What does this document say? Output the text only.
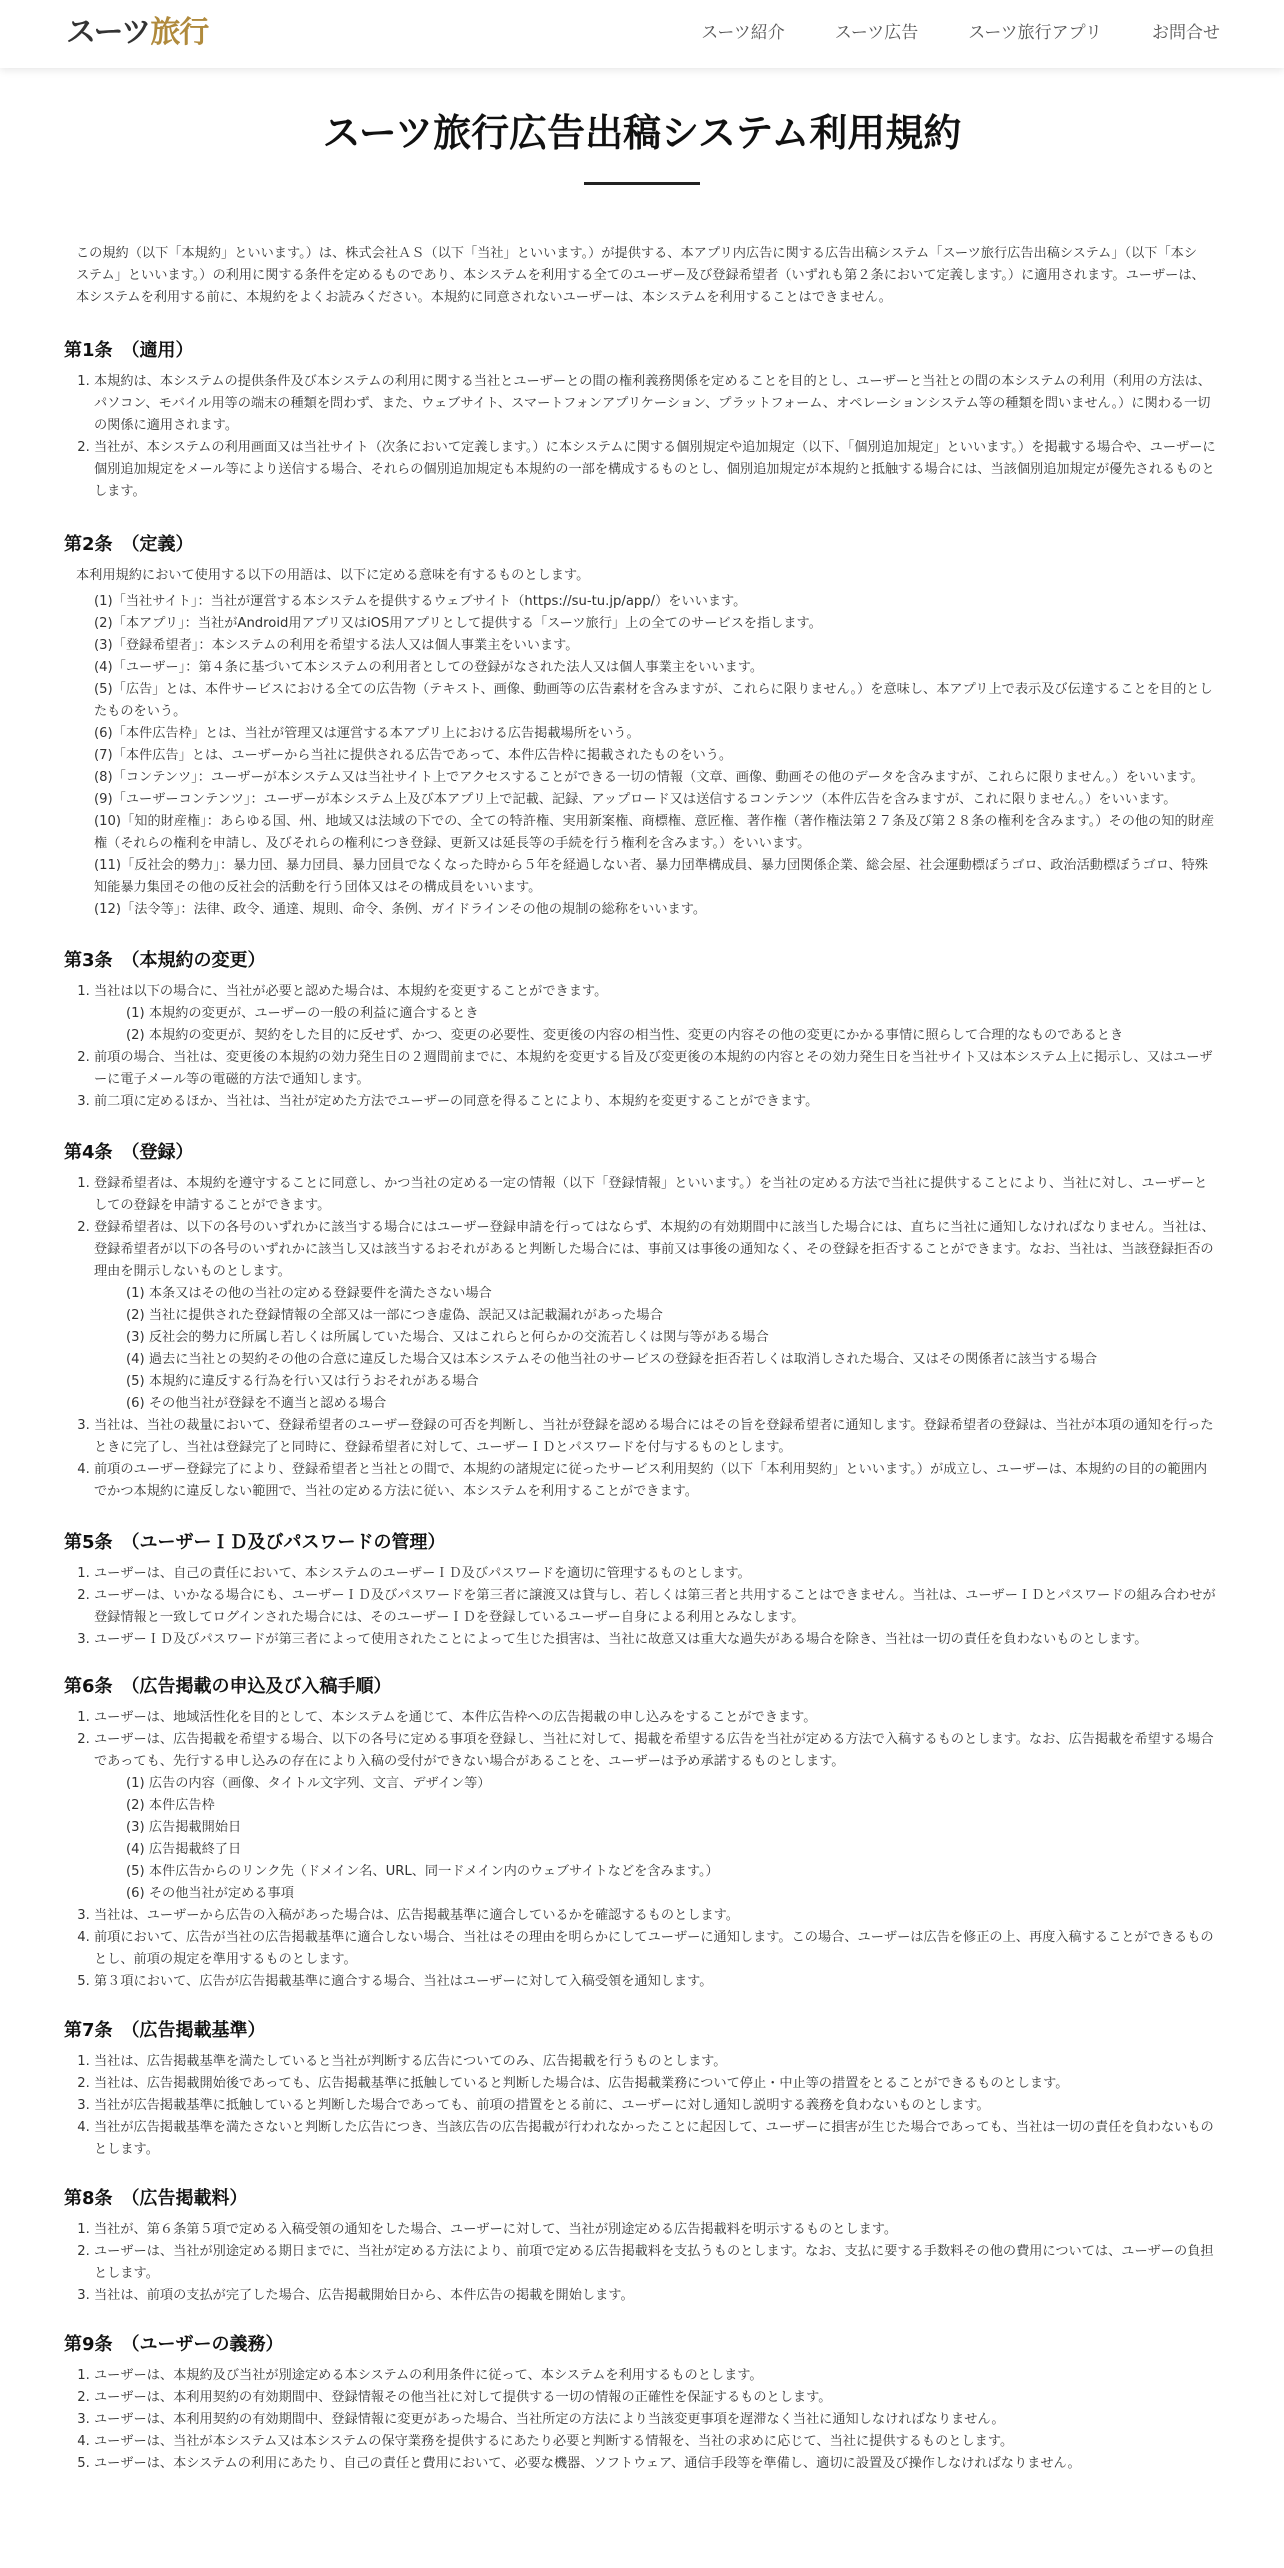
スーツ旅行	スーツ紹介	スーツ広告	スーツ旅行アプリ	お問合せ
スーツ旅行広告出稿システム利用規約

この規約（以下「本規約」といいます。）は、株式会社ＡＳ（以下「当社」といいます。）が提供する、本アプリ内広告に関する広告出稿システム「スーツ旅行広告出稿システム」（以下「本システム」といいます。）の利用に関する条件を定めるものであり、本システムを利用する全てのユーザー及び登録希望者（いずれも第２条において定義します。）に適用されます。ユーザーは、本システムを利用する前に、本規約をよくお読みください。本規約に同意されないユーザーは、本システムを利用することはできません。

第1条　（適用）
1. 本規約は、本システムの提供条件及び本システムの利用に関する当社とユーザーとの間の権利義務関係を定めることを目的とし、ユーザーと当社との間の本システムの利用（利用の方法は、パソコン、モバイル用等の端末の種類を問わず、また、ウェブサイト、スマートフォンアプリケーション、プラットフォーム、オペレーションシステム等の種類を問いません。）に関わる一切の関係に適用されます。
2. 当社が、本システムの利用画面又は当社サイト（次条において定義します。）に本システムに関する個別規定や追加規定（以下、「個別追加規定」といいます。）を掲載する場合や、ユーザーに個別追加規定をメール等により送信する場合、それらの個別追加規定も本規約の一部を構成するものとし、個別追加規定が本規約と抵触する場合には、当該個別追加規定が優先されるものとします。
第2条　（定義）

本利用規約において使用する以下の用語は、以下に定める意味を有するものとします。

(1)「当社サイト」：当社が運営する本システムを提供するウェブサイト（https://su-tu.jp/app/）をいいます。
(2)「本アプリ」：当社がAndroid用アプリ又はiOS用アプリとして提供する「スーツ旅行」上の全てのサービスを指します。
(3)「登録希望者」：本システムの利用を希望する法人又は個人事業主をいいます。
(4)「ユーザー」：第４条に基づいて本システムの利用者としての登録がなされた法人又は個人事業主をいいます。
(5)「広告」とは、本件サービスにおける全ての広告物（テキスト、画像、動画等の広告素材を含みますが、これらに限りません。）を意味し、本アプリ上で表示及び伝達することを目的としたものをいう。
(6)「本件広告枠」とは、当社が管理又は運営する本アプリ上における広告掲載場所をいう。
(7)「本件広告」とは、ユーザーから当社に提供される広告であって、本件広告枠に掲載されたものをいう。
(8)「コンテンツ」：ユーザーが本システム又は当社サイト上でアクセスすることができる一切の情報（文章、画像、動画その他のデータを含みますが、これらに限りません。）をいいます。
(9)「ユーザーコンテンツ」：ユーザーが本システム上及び本アプリ上で記載、記録、アップロード又は送信するコンテンツ（本件広告を含みますが、これに限りません。）をいいます。
(10)「知的財産権」：あらゆる国、州、地域又は法域の下での、全ての特許権、実用新案権、商標権、意匠権、著作権（著作権法第２７条及び第２８条の権利を含みます。）その他の知的財産権（それらの権利を申請し、及びそれらの権利につき登録、更新又は延長等の手続を行う権利を含みます。）をいいます。
(11)「反社会的勢力」：暴力団、暴力団員、暴力団員でなくなった時から５年を経過しない者、暴力団準構成員、暴力団関係企業、総会屋、社会運動標ぼうゴロ、政治活動標ぼうゴロ、特殊知能暴力集団その他の反社会的活動を行う団体又はその構成員をいいます。
(12)「法令等」：法律、政令、通達、規則、命令、条例、ガイドラインその他の規制の総称をいいます。
第3条　（本規約の変更）
1. 当社は以下の場合に、当社が必要と認めた場合は、本規約を変更することができます。
(1) 本規約の変更が、ユーザーの一般の利益に適合するとき
(2) 本規約の変更が、契約をした目的に反せず、かつ、変更の必要性、変更後の内容の相当性、変更の内容その他の変更にかかる事情に照らして合理的なものであるとき
2. 前項の場合、当社は、変更後の本規約の効力発生日の２週間前までに、本規約を変更する旨及び変更後の本規約の内容とその効力発生日を当社サイト又は本システム上に掲示し、又はユーザーに電子メール等の電磁的方法で通知します。
3. 前二項に定めるほか、当社は、当社が定めた方法でユーザーの同意を得ることにより、本規約を変更することができます。
第4条　（登録）
1. 登録希望者は、本規約を遵守することに同意し、かつ当社の定める一定の情報（以下「登録情報」といいます。）を当社の定める方法で当社に提供することにより、当社に対し、ユーザーとしての登録を申請することができます。
2. 登録希望者は、以下の各号のいずれかに該当する場合にはユーザー登録申請を行ってはならず、本規約の有効期間中に該当した場合には、直ちに当社に通知しなければなりません。当社は、登録希望者が以下の各号のいずれかに該当し又は該当するおそれがあると判断した場合には、事前又は事後の通知なく、その登録を拒否することができます。なお、当社は、当該登録拒否の理由を開示しないものとします。
(1) 本条又はその他の当社の定める登録要件を満たさない場合
(2) 当社に提供された登録情報の全部又は一部につき虚偽、誤記又は記載漏れがあった場合
(3) 反社会的勢力に所属し若しくは所属していた場合、又はこれらと何らかの交流若しくは関与等がある場合
(4) 過去に当社との契約その他の合意に違反した場合又は本システムその他当社のサービスの登録を拒否若しくは取消しされた場合、又はその関係者に該当する場合
(5) 本規約に違反する行為を行い又は行うおそれがある場合
(6) その他当社が登録を不適当と認める場合
3. 当社は、当社の裁量において、登録希望者のユーザー登録の可否を判断し、当社が登録を認める場合にはその旨を登録希望者に通知します。登録希望者の登録は、当社が本項の通知を行ったときに完了し、当社は登録完了と同時に、登録希望者に対して、ユーザーＩＤとパスワードを付与するものとします。
4. 前項のユーザー登録完了により、登録希望者と当社との間で、本規約の諸規定に従ったサービス利用契約（以下「本利用契約」といいます。）が成立し、ユーザーは、本規約の目的の範囲内でかつ本規約に違反しない範囲で、当社の定める方法に従い、本システムを利用することができます。
第5条　（ユーザーＩＤ及びパスワードの管理）
1. ユーザーは、自己の責任において、本システムのユーザーＩＤ及びパスワードを適切に管理するものとします。
2. ユーザーは、いかなる場合にも、ユーザーＩＤ及びパスワードを第三者に譲渡又は貸与し、若しくは第三者と共用することはできません。当社は、ユーザーＩＤとパスワードの組み合わせが登録情報と一致してログインされた場合には、そのユーザーＩＤを登録しているユーザー自身による利用とみなします。
3. ユーザーＩＤ及びパスワードが第三者によって使用されたことによって生じた損害は、当社に故意又は重大な過失がある場合を除き、当社は一切の責任を負わないものとします。
第6条　（広告掲載の申込及び入稿手順）
1. ユーザーは、地域活性化を目的として、本システムを通じて、本件広告枠への広告掲載の申し込みをすることができます。
2. ユーザーは、広告掲載を希望する場合、以下の各号に定める事項を登録し、当社に対して、掲載を希望する広告を当社が定める方法で入稿するものとします。なお、広告掲載を希望する場合であっても、先行する申し込みの存在により入稿の受付ができない場合があることを、ユーザーは予め承諾するものとします。
(1) 広告の内容（画像、タイトル文字列、文言、デザイン等）
(2) 本件広告枠
(3) 広告掲載開始日
(4) 広告掲載終了日
(5) 本件広告からのリンク先（ドメイン名、URL、同一ドメイン内のウェブサイトなどを含みます。）
(6) その他当社が定める事項
3. 当社は、ユーザーから広告の入稿があった場合は、広告掲載基準に適合しているかを確認するものとします。
4. 前項において、広告が当社の広告掲載基準に適合しない場合、当社はその理由を明らかにしてユーザーに通知します。この場合、ユーザーは広告を修正の上、再度入稿することができるものとし、前項の規定を準用するものとします。
5. 第３項において、広告が広告掲載基準に適合する場合、当社はユーザーに対して入稿受領を通知します。
第7条　（広告掲載基準）
1. 当社は、広告掲載基準を満たしていると当社が判断する広告についてのみ、広告掲載を行うものとします。
2. 当社は、広告掲載開始後であっても、広告掲載基準に抵触していると判断した場合は、広告掲載業務について停止・中止等の措置をとることができるものとします。
3. 当社が広告掲載基準に抵触していると判断した場合であっても、前項の措置をとる前に、ユーザーに対し通知し説明する義務を負わないものとします。
4. 当社が広告掲載基準を満たさないと判断した広告につき、当該広告の広告掲載が行われなかったことに起因して、ユーザーに損害が生じた場合であっても、当社は一切の責任を負わないものとします。
第8条　（広告掲載料）
1. 当社が、第６条第５項で定める入稿受領の通知をした場合、ユーザーに対して、当社が別途定める広告掲載料を明示するものとします。
2. ユーザーは、当社が別途定める期日までに、当社が定める方法により、前項で定める広告掲載料を支払うものとします。なお、支払に要する手数料その他の費用については、ユーザーの負担とします。
3. 当社は、前項の支払が完了した場合、広告掲載開始日から、本件広告の掲載を開始します。
第9条　（ユーザーの義務）
1. ユーザーは、本規約及び当社が別途定める本システムの利用条件に従って、本システムを利用するものとします。
2. ユーザーは、本利用契約の有効期間中、登録情報その他当社に対して提供する一切の情報の正確性を保証するものとします。
3. ユーザーは、本利用契約の有効期間中、登録情報に変更があった場合、当社所定の方法により当該変更事項を遅滞なく当社に通知しなければなりません。
4. ユーザーは、当社が本システム又は本システムの保守業務を提供するにあたり必要と判断する情報を、当社の求めに応じて、当社に提供するものとします。
5. ユーザーは、本システムの利用にあたり、自己の責任と費用において、必要な機器、ソフトウェア、通信手段等を準備し、適切に設置及び操作しなければなりません。
